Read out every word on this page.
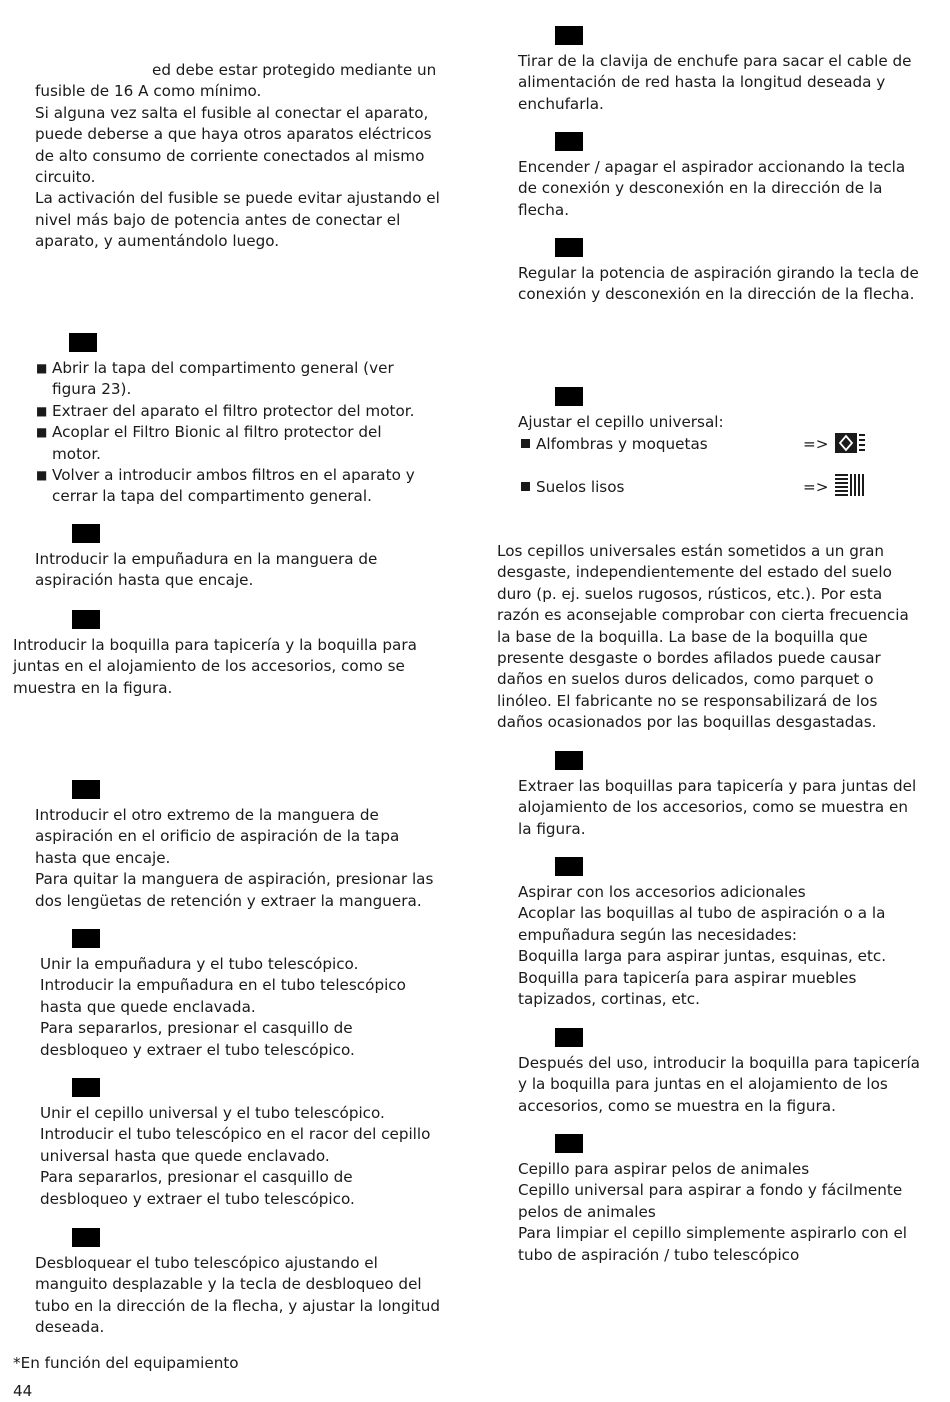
ed debe estar protegido mediante un

fusible de 16 A como mínimo.

Si alguna vez salta el fusible al conectar el aparato,

puede deberse a que haya otros aparatos eléctricos

de alto consumo de corriente conectados al mismo

circuito.

La activación del fusible se puede evitar ajustando el

nivel más bajo de potencia antes de conectar el

aparato, y aumentándolo luego.

■ Abrir la tapa del compartimento general (ver
figura 23).
■ Extraer del aparato el filtro protector del motor.
■ Acoplar el Filtro Bionic al filtro protector del
motor.
■ Volver a introducir ambos filtros en el aparato y
cerrar la tapa del compartimento general.

Introducir la empuñadura en la manguera de

aspiración hasta que encaje.

Introducir la boquilla para tapicería y la boquilla para

juntas en el alojamiento de los accesorios, como se

muestra en la figura.

Introducir el otro extremo de la manguera de

aspiración en el orificio de aspiración de la tapa

hasta que encaje.

Para quitar la manguera de aspiración, presionar las

dos lengüetas de retención y extraer la manguera.

Unir la empuñadura y el tubo telescópico.

Introducir la empuñadura en el tubo telescópico

hasta que quede enclavada.

Para separarlos, presionar el casquillo de

desbloqueo y extraer el tubo telescópico.

Unir el cepillo universal y el tubo telescópico.

Introducir el tubo telescópico en el racor del cepillo

universal hasta que quede enclavado.

Para separarlos, presionar el casquillo de

desbloqueo y extraer el tubo telescópico.

Desbloquear el tubo telescópico ajustando el

manguito desplazable y la tecla de desbloqueo del

tubo en la dirección de la flecha, y ajustar la longitud

deseada.

*En función del equipamiento
44

Tirar de la clavija de enchufe para sacar el cable de

alimentación de red hasta la longitud deseada y

enchufarla.

Encender / apagar el aspirador accionando la tecla

de conexión y desconexión en la dirección de la

flecha.

Regular la potencia de aspiración girando la tecla de

conexión y desconexión en la dirección de la flecha.

Ajustar el cepillo universal:
Alfombras y moquetas	=>
Suelos lisos	=>

Los cepillos universales están sometidos a un gran

desgaste, independientemente del estado del suelo

duro (p. ej. suelos rugosos, rústicos, etc.). Por esta

razón es aconsejable comprobar con cierta frecuencia

la base de la boquilla. La base de la boquilla que

presente desgaste o bordes afilados puede causar

daños en suelos duros delicados, como parquet o

linóleo. El fabricante no se responsabilizará de los

daños ocasionados por las boquillas desgastadas.

Extraer las boquillas para tapicería y para juntas del

alojamiento de los accesorios, como se muestra en

la figura.

Aspirar con los accesorios adicionales

Acoplar las boquillas al tubo de aspiración o a la

empuñadura según las necesidades:

Boquilla larga para aspirar juntas, esquinas, etc.

Boquilla para tapicería para aspirar muebles

tapizados, cortinas, etc.

Después del uso, introducir la boquilla para tapicería

y la boquilla para juntas en el alojamiento de los

accesorios, como se muestra en la figura.

Cepillo para aspirar pelos de animales

Cepillo universal para aspirar a fondo y fácilmente

pelos de animales

Para limpiar el cepillo simplemente aspirarlo con el

tubo de aspiración / tubo telescópico
